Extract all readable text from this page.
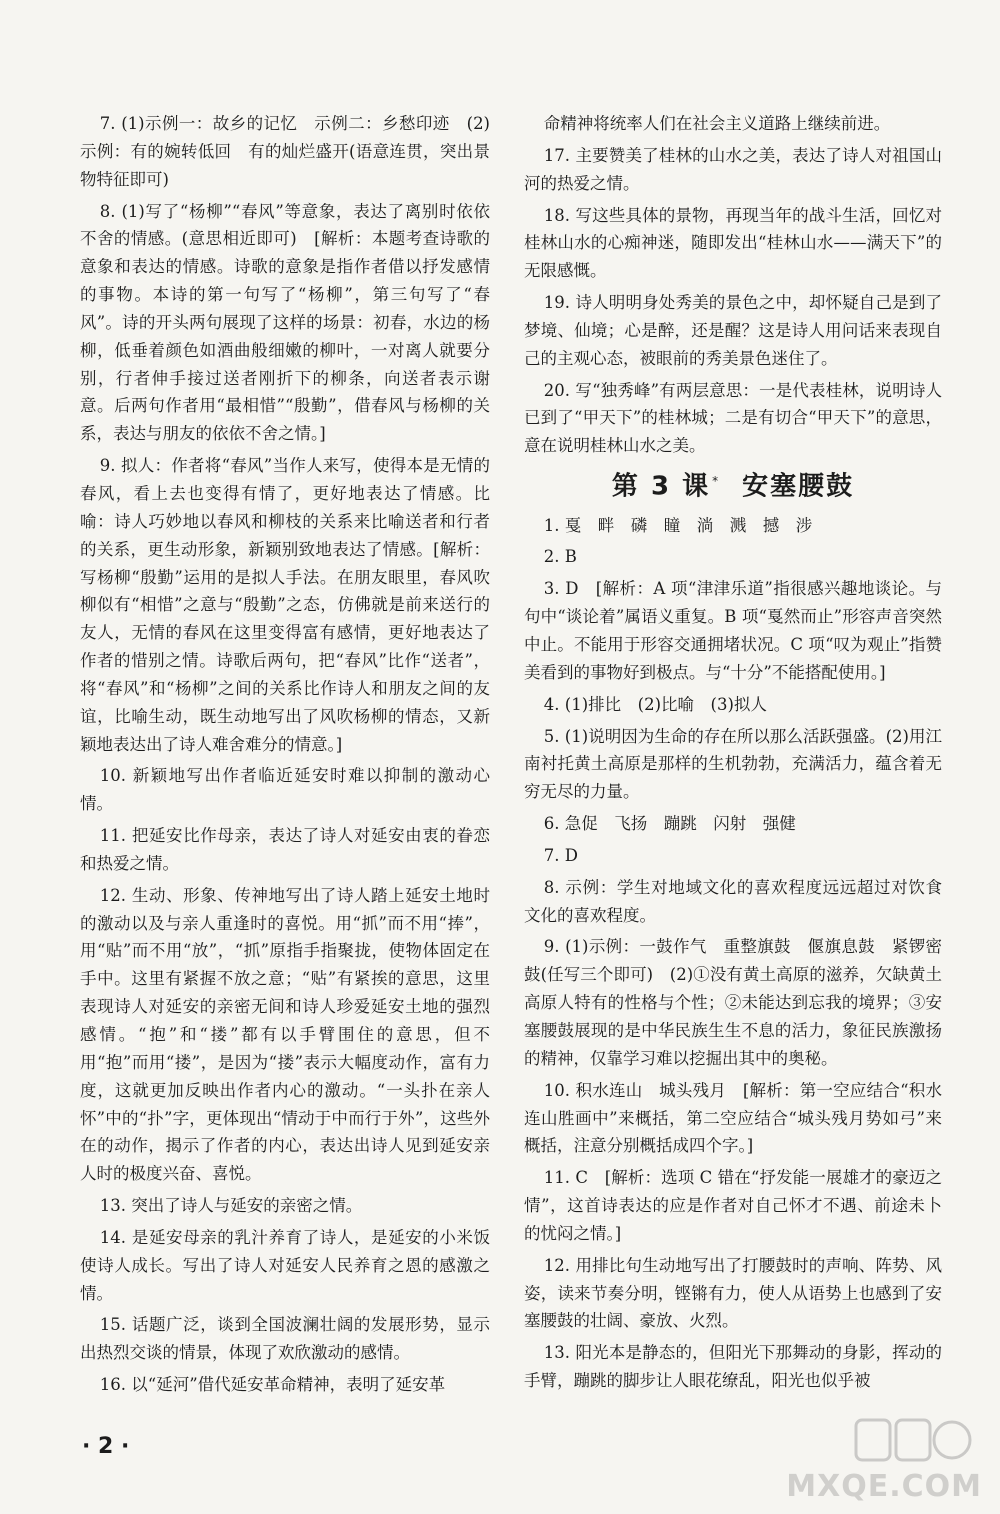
7. (1)示例一：故乡的记忆　示例二：乡愁印迹　(2)示例：有的婉转低回　有的灿烂盛开(语意连贯，突出景物特征即可)

8. (1)写了“杨柳”“春风”等意象，表达了离别时依依不舍的情感。(意思相近即可)　[解析：本题考查诗歌的意象和表达的情感。诗歌的意象是指作者借以抒发感情的事物。本诗的第一句写了“杨柳”，第三句写了“春风”。诗的开头两句展现了这样的场景：初春，水边的杨柳，低垂着颜色如酒曲般细嫩的柳叶，一对离人就要分别，行者伸手接过送者刚折下的柳条，向送者表示谢意。后两句作者用“最相惜”“殷勤”，借春风与杨柳的关系，表达与朋友的依依不舍之情。]

9. 拟人：作者将“春风”当作人来写，使得本是无情的春风，看上去也变得有情了，更好地表达了情感。比喻：诗人巧妙地以春风和柳枝的关系来比喻送者和行者的关系，更生动形象，新颖别致地表达了情感。[解析：写杨柳“殷勤”运用的是拟人手法。在朋友眼里，春风吹柳似有“相惜”之意与“殷勤”之态，仿佛就是前来送行的友人，无情的春风在这里变得富有感情，更好地表达了作者的惜别之情。诗歌后两句，把“春风”比作“送者”，将“春风”和“杨柳”之间的关系比作诗人和朋友之间的友谊，比喻生动，既生动地写出了风吹杨柳的情态，又新颖地表达出了诗人难舍难分的情意。]

10. 新颖地写出作者临近延安时难以抑制的激动心情。

11. 把延安比作母亲，表达了诗人对延安由衷的眷恋和热爱之情。

12. 生动、形象、传神地写出了诗人踏上延安土地时的激动以及与亲人重逢时的喜悦。用“抓”而不用“捧”，用“贴”而不用“放”，“抓”原指手指聚拢，使物体固定在手中。这里有紧握不放之意；“贴”有紧挨的意思，这里表现诗人对延安的亲密无间和诗人珍爱延安土地的强烈感情。“抱”和“搂”都有以手臂围住的意思，但不用“抱”而用“搂”，是因为“搂”表示大幅度动作，富有力度，这就更加反映出作者内心的激动。“一头扑在亲人怀”中的“扑”字，更体现出“情动于中而行于外”，这些外在的动作，揭示了作者的内心，表达出诗人见到延安亲人时的极度兴奋、喜悦。

13. 突出了诗人与延安的亲密之情。

14. 是延安母亲的乳汁养育了诗人，是延安的小米饭使诗人成长。写出了诗人对延安人民养育之恩的感激之情。

15. 话题广泛，谈到全国波澜壮阔的发展形势，显示出热烈交谈的情景，体现了欢欣激动的感情。

16. 以“延河”借代延安革命精神，表明了延安革

命精神将统率人们在社会主义道路上继续前进。

17. 主要赞美了桂林的山水之美，表达了诗人对祖国山河的热爱之情。

18. 写这些具体的景物，再现当年的战斗生活，回忆对桂林山水的心痴神迷，随即发出“桂林山水——满天下”的无限感慨。

19. 诗人明明身处秀美的景色之中，却怀疑自己是到了梦境、仙境；心是醉，还是醒？这是诗人用问话来表现自己的主观心态，被眼前的秀美景色迷住了。

20. 写“独秀峰”有两层意思：一是代表桂林，说明诗人已到了“甲天下”的桂林城；二是有切合“甲天下”的意思，意在说明桂林山水之美。

第 3 课 * 安塞腰鼓

1. 戛　畔　磷　瞳　淌　溅　撼　涉

2. B

3. D　[解析：A 项“津津乐道”指很感兴趣地谈论。与句中“谈论着”属语义重复。B 项“戛然而止”形容声音突然中止。不能用于形容交通拥堵状况。C 项“叹为观止”指赞美看到的事物好到极点。与“十分”不能搭配使用。]

4. (1)排比　(2)比喻　(3)拟人

5. (1)说明因为生命的存在所以那么活跃强盛。(2)用江南衬托黄土高原是那样的生机勃勃，充满活力，蕴含着无穷无尽的力量。

6. 急促　飞扬　蹦跳　闪射　强健

7. D

8. 示例：学生对地域文化的喜欢程度远远超过对饮食文化的喜欢程度。

9. (1)示例：一鼓作气　重整旗鼓　偃旗息鼓　紧锣密鼓(任写三个即可)　(2)①没有黄土高原的滋养，欠缺黄土高原人特有的性格与个性；②未能达到忘我的境界；③安塞腰鼓展现的是中华民族生生不息的活力，象征民族激扬的精神，仅靠学习难以挖掘出其中的奥秘。

10. 积水连山　城头残月　[解析：第一空应结合“积水连山胜画中”来概括，第二空应结合“城头残月势如弓”来概括，注意分别概括成四个字。]

11. C　[解析：选项 C 错在“抒发能一展雄才的豪迈之情”，这首诗表达的应是作者对自己怀才不遇、前途未卜的忧闷之情。]

12. 用排比句生动地写出了打腰鼓时的声响、阵势、风姿，读来节奏分明，铿锵有力，使人从语势上也感到了安塞腰鼓的壮阔、豪放、火烈。

13. 阳光本是静态的，但阳光下那舞动的身影，挥动的手臂，蹦跳的脚步让人眼花缭乱，阳光也似乎被

· 2 ·
MXQE.COM
